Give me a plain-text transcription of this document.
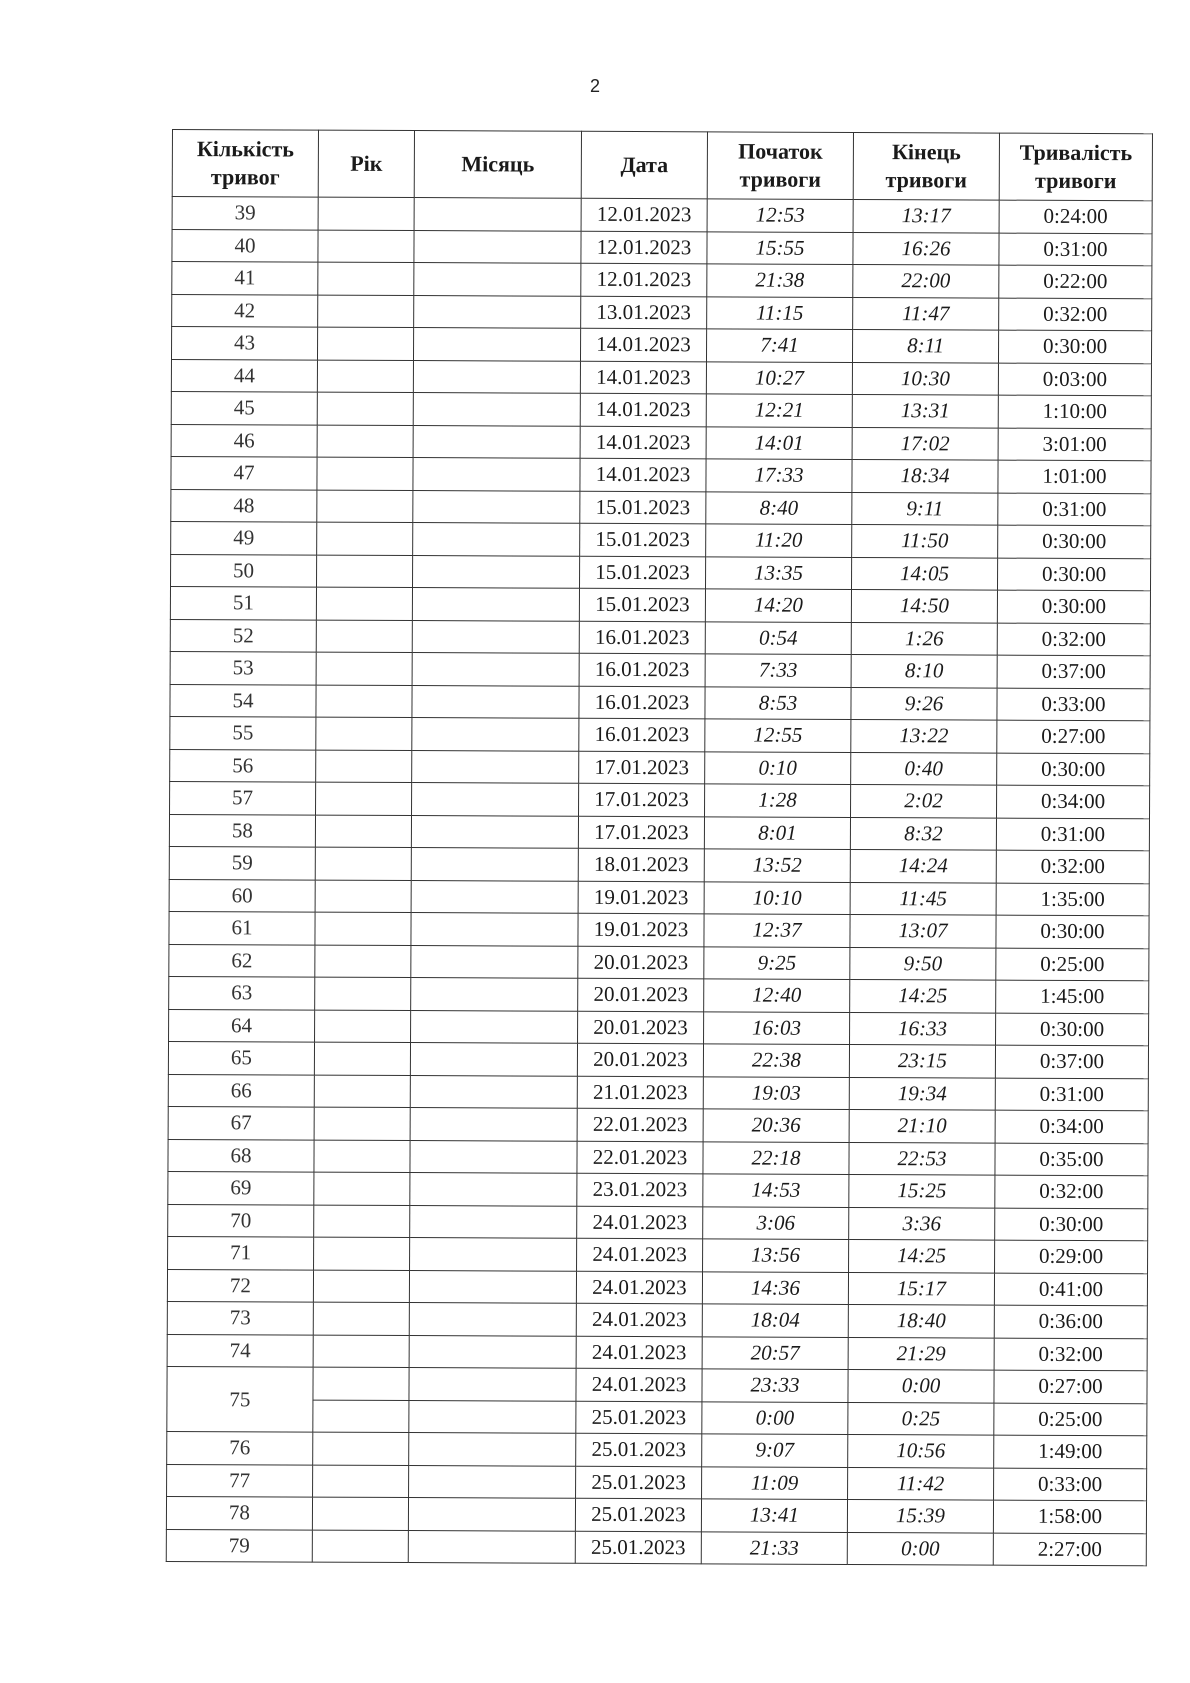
2
Кількість тривог	Рік	Місяць	Дата	Початок тривоги	Кінець тривоги	Тривалість тривоги
39			12.01.2023	12:53	13:17	0:24:00
40			12.01.2023	15:55	16:26	0:31:00
41			12.01.2023	21:38	22:00	0:22:00
42			13.01.2023	11:15	11:47	0:32:00
43			14.01.2023	7:41	8:11	0:30:00
44			14.01.2023	10:27	10:30	0:03:00
45			14.01.2023	12:21	13:31	1:10:00
46			14.01.2023	14:01	17:02	3:01:00
47			14.01.2023	17:33	18:34	1:01:00
48			15.01.2023	8:40	9:11	0:31:00
49			15.01.2023	11:20	11:50	0:30:00
50			15.01.2023	13:35	14:05	0:30:00
51			15.01.2023	14:20	14:50	0:30:00
52			16.01.2023	0:54	1:26	0:32:00
53			16.01.2023	7:33	8:10	0:37:00
54			16.01.2023	8:53	9:26	0:33:00
55			16.01.2023	12:55	13:22	0:27:00
56			17.01.2023	0:10	0:40	0:30:00
57			17.01.2023	1:28	2:02	0:34:00
58			17.01.2023	8:01	8:32	0:31:00
59			18.01.2023	13:52	14:24	0:32:00
60			19.01.2023	10:10	11:45	1:35:00
61			19.01.2023	12:37	13:07	0:30:00
62			20.01.2023	9:25	9:50	0:25:00
63			20.01.2023	12:40	14:25	1:45:00
64			20.01.2023	16:03	16:33	0:30:00
65			20.01.2023	22:38	23:15	0:37:00
66			21.01.2023	19:03	19:34	0:31:00
67			22.01.2023	20:36	21:10	0:34:00
68			22.01.2023	22:18	22:53	0:35:00
69			23.01.2023	14:53	15:25	0:32:00
70			24.01.2023	3:06	3:36	0:30:00
71			24.01.2023	13:56	14:25	0:29:00
72			24.01.2023	14:36	15:17	0:41:00
73			24.01.2023	18:04	18:40	0:36:00
74			24.01.2023	20:57	21:29	0:32:00
75			24.01.2023	23:33	0:00	0:27:00
			25.01.2023	0:00	0:25	0:25:00
76			25.01.2023	9:07	10:56	1:49:00
77			25.01.2023	11:09	11:42	0:33:00
78			25.01.2023	13:41	15:39	1:58:00
79			25.01.2023	21:33	0:00	2:27:00
